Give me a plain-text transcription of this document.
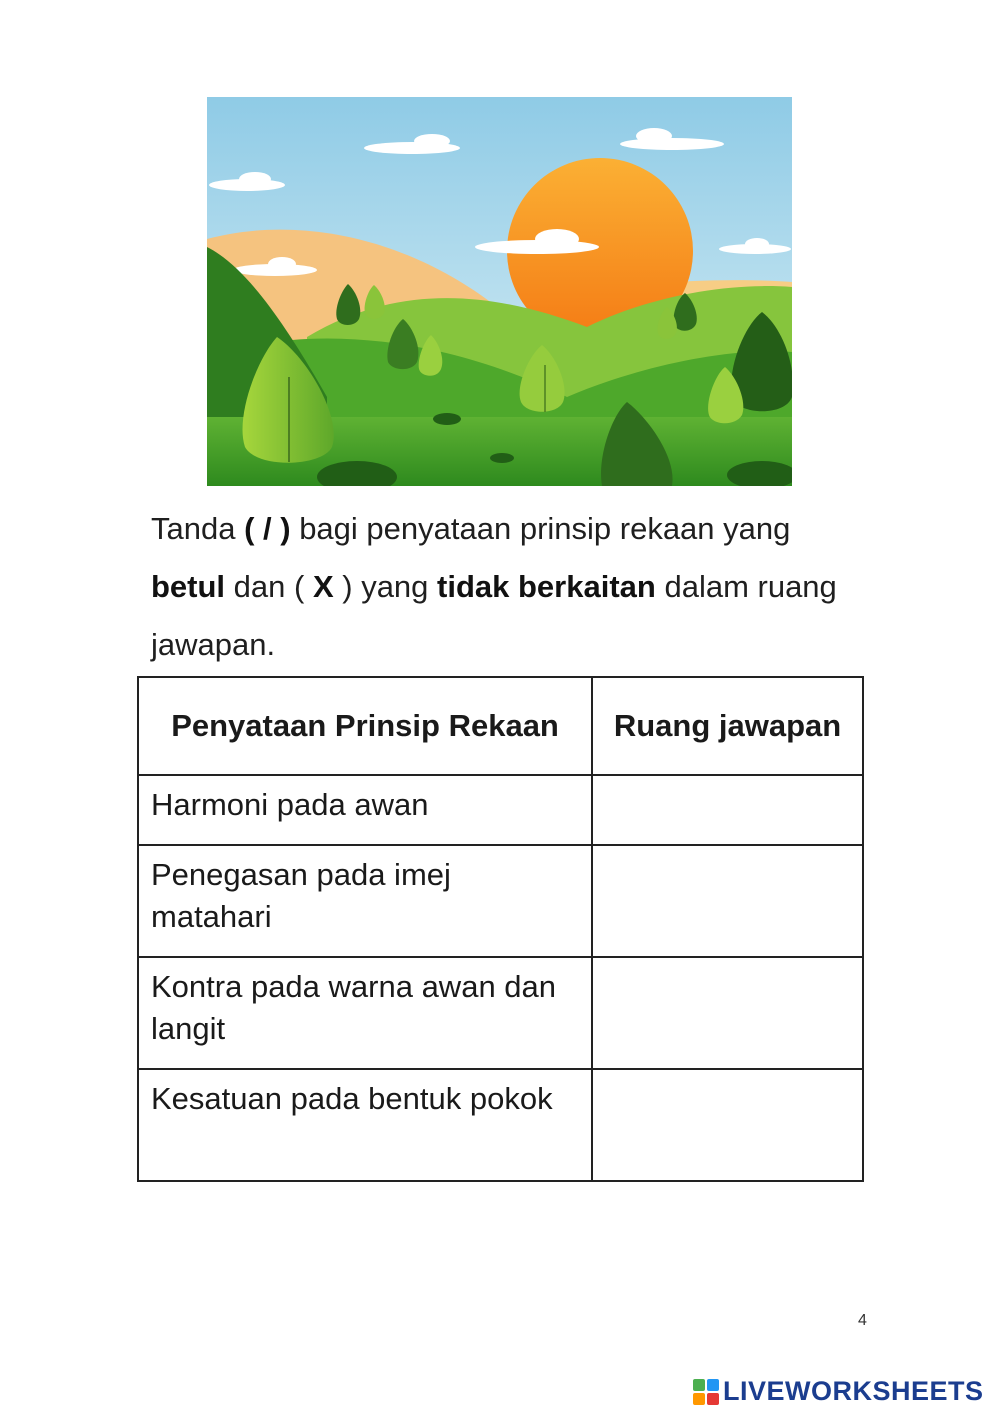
Tanda ( / ) bagi penyataan prinsip rekaan yang betul dan ( X ) yang tidak berkaitan dalam ruang jawapan.
Penyataan Prinsip Rekaan	Ruang jawapan
Harmoni pada awan	
Penegasan pada imej matahari	
Kontra pada warna awan dan langit	
Kesatuan pada bentuk pokok	
4
LIVEWORKSHEETS
